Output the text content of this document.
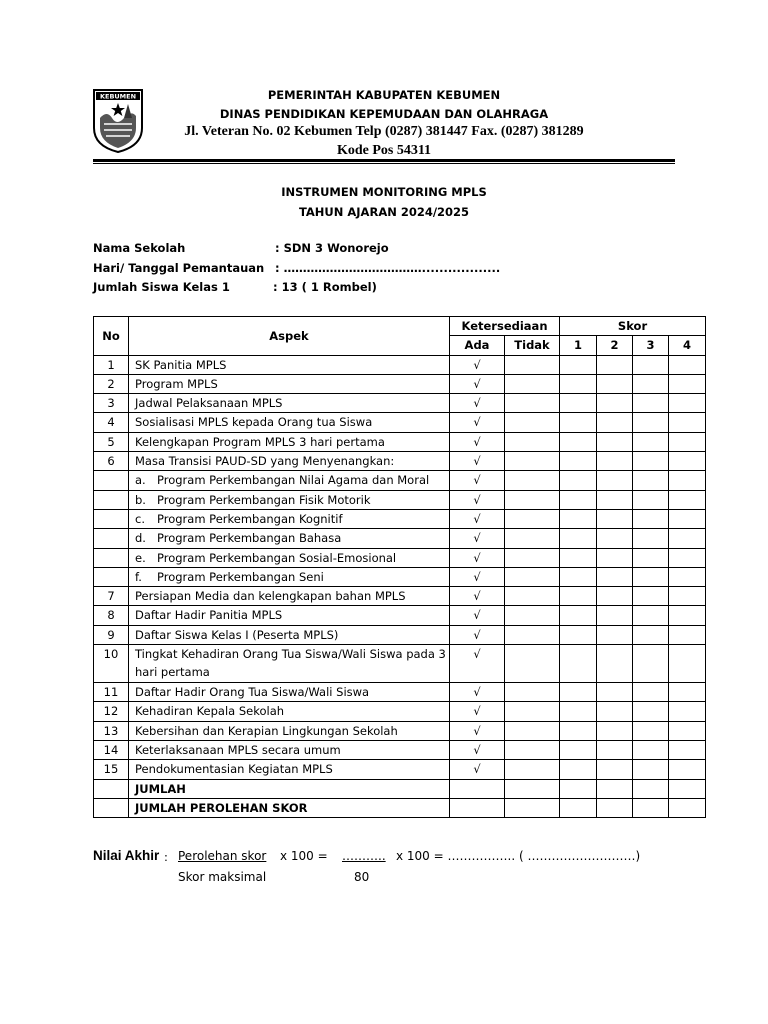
KEBUMEN	PEMERINTAH KABUPATEN KEBUMEN
DINAS PENDIDIKAN KEPEMUDAAN DAN OLAHRAGA
Jl. Veteran No. 02 Kebumen Telp (0287) 381447 Fax. (0287) 381289
Kode Pos 54311
INSTRUMEN MONITORING MPLS
TAHUN AJARAN 2024/2025
Nama Sekolah	: SDN 3 Wonorejo
Hari/ Tanggal Pemantauan : ………………………………..................
Jumlah Siswa Kelas 1	: 13 ( 1 Rombel)
No	Aspek	Ketersediaan		Skor			
		Ada	Tidak	1	2	3	4
1	SK Panitia MPLS	√					
2	Program MPLS	√					
3	Jadwal Pelaksanaan MPLS	√					
4	Sosialisasi MPLS kepada Orang tua Siswa	√					
5	Kelengkapan Program MPLS 3 hari pertama	√					
6	Masa Transisi PAUD-SD yang Menyenangkan:	√					
	a. Program Perkembangan Nilai Agama dan Moral	√					
	b. Program Perkembangan Fisik Motorik	√					
	c. Program Perkembangan Kognitif	√					
	d. Program Perkembangan Bahasa	√					
	e. Program Perkembangan Sosial-Emosional	√					
	f. Program Perkembangan Seni	√					
7	Persiapan Media dan kelengkapan bahan MPLS	√					
8	Daftar Hadir Panitia MPLS	√					
9	Daftar Siswa Kelas I (Peserta MPLS)	√					
10	Tingkat Kehadiran Orang Tua Siswa/Wali Siswa pada 3 hari pertama	√					
11	Daftar Hadir Orang Tua Siswa/Wali Siswa	√					
12	Kehadiran Kepala Sekolah	√					
13	Kebersihan dan Kerapian Lingkungan Sekolah	√					
14	Keterlaksanaan MPLS secara umum	√					
15	Pendokumentasian Kegiatan MPLS	√					
	JUMLAH						
	JUMLAH PEROLEHAN SKOR						
Nilai Akhir : Perolehan skor x 100 = ……….. x 100 = …………….. ( ………………………)
Skor maksimal	80
